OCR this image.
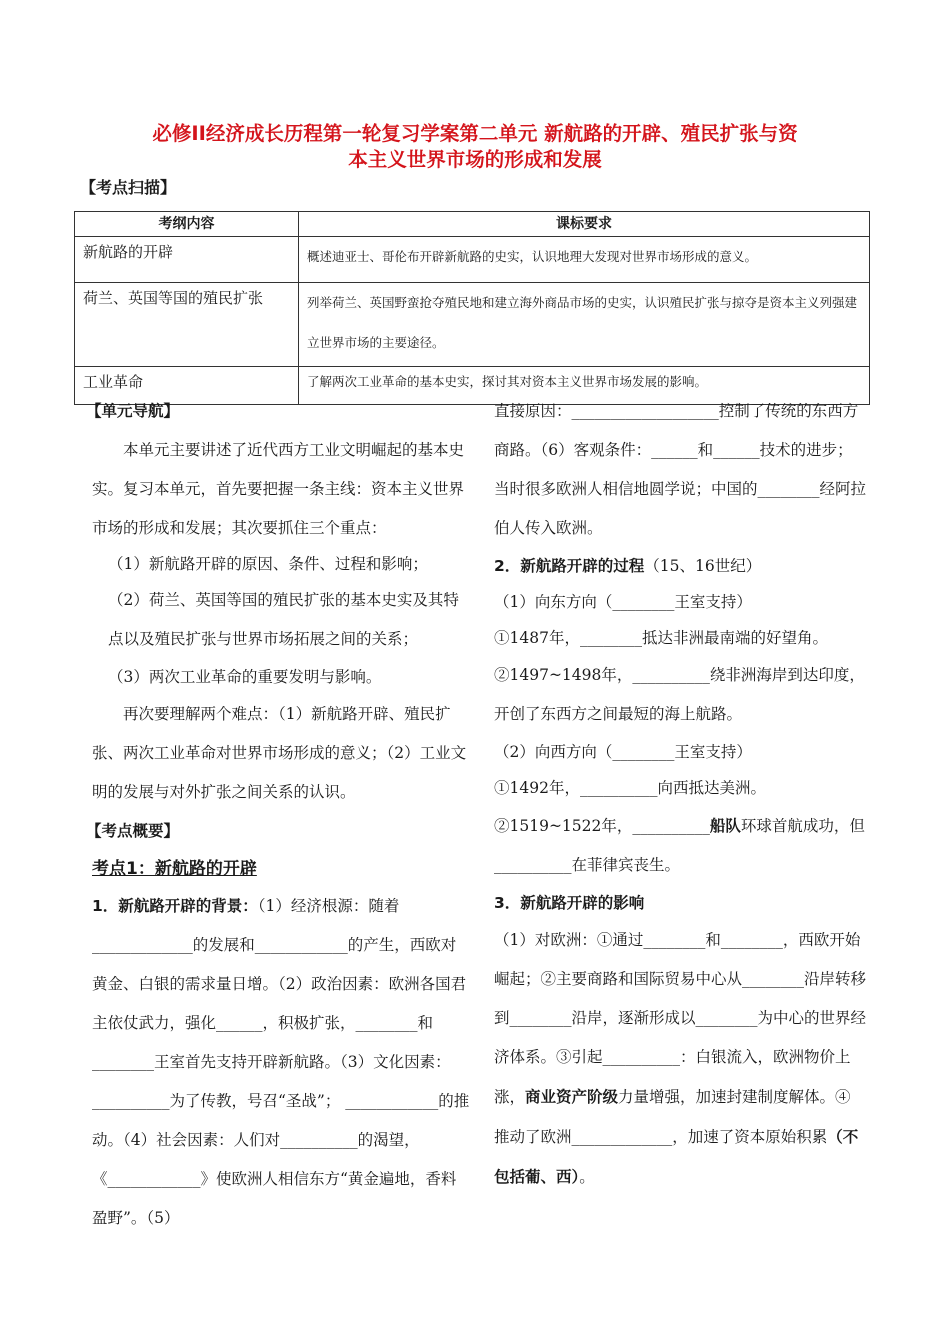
必修II经济成长历程第一轮复习学案第二单元 新航路的开辟、殖民扩张与资
本主义世界市场的形成和发展
【考点扫描】
考纲内容	课标要求
新航路的开辟	概述迪亚士、哥伦布开辟新航路的史实，认识地理大发现对世界市场形成的意义。
荷兰、英国等国的殖民扩张	列举荷兰、英国野蛮抢夺殖民地和建立海外商品市场的史实，认识殖民扩张与掠夺是资本主义列强建立世界市场的主要途径。
工业革命	了解两次工业革命的基本史实，探讨其对资本主义世界市场发展的影响。

【单元导航】

本单元主要讲述了近代西方工业文明崛起的基本史实。复习本单元，首先要把握一条主线：资本主义世界市场的形成和发展；其次要抓住三个重点：

（1）新航路开辟的原因、条件、过程和影响；

（2）荷兰、英国等国的殖民扩张的基本史实及其特点以及殖民扩张与世界市场拓展之间的关系；

（3）两次工业革命的重要发明与影响。

再次要理解两个难点：（1）新航路开辟、殖民扩张、两次工业革命对世界市场形成的意义；（2）工业文明的发展与对外扩张之间关系的认识。

【考点概要】

考点1：新航路的开辟

1．新航路开辟的背景：（1）经济根源：随着_____________的发展和____________的产生，西欧对黄金、白银的需求量日增。（2）政治因素：欧洲各国君主依仗武力，强化______，积极扩张，________和________王室首先支持开辟新航路。（3）文化因素：__________为了传教，号召“圣战”； ____________的推动。（4）社会因素：人们对__________的渴望，《____________》使欧洲人相信东方“黄金遍地，香料盈野”。（5）

直接原因：___________________控制了传统的东西方商路。（6）客观条件：______和______技术的进步；当时很多欧洲人相信地圆学说；中国的________经阿拉伯人传入欧洲。

2．新航路开辟的过程（15、16世纪）

（1）向东方向（________王室支持）

①1487年，________抵达非洲最南端的好望角。

②1497~1498年，__________绕非洲海岸到达印度，开创了东西方之间最短的海上航路。

（2）向西方向（________王室支持）

①1492年，__________向西抵达美洲。

②1519~1522年，__________船队环球首航成功，但__________在菲律宾丧生。

3．新航路开辟的影响

（1）对欧洲：①通过________和________，西欧开始崛起；②主要商路和国际贸易中心从________沿岸转移到________沿岸，逐渐形成以________为中心的世界经济体系。③引起__________：白银流入，欧洲物价上涨，商业资产阶级力量增强，加速封建制度解体。④推动了欧洲_____________，加速了资本原始积累（不包括葡、西）。
